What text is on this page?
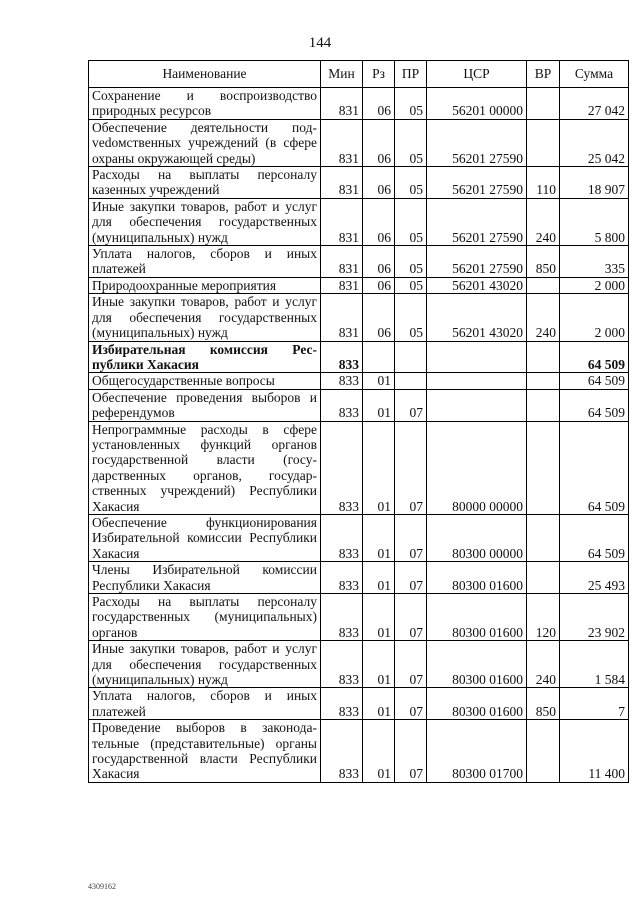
144
Наименование	Мин	Рз	ПР	ЦСР	ВР	Сумма
Сохранение и воспроизводство природных ресурсов	831	06	05	56201 00000		27 042
Обеспечение деятельности подvedомственных учреждений (в сфере охраны окружающей среды)	831	06	05	56201 27590		25 042
Расходы на выплаты персоналу казенных учреждений	831	06	05	56201 27590	110	18 907
Иные закупки товаров, работ и услуг для обеспечения государственных (муниципальных) нужд	831	06	05	56201 27590	240	5 800
Уплата налогов, сборов и иных платежей	831	06	05	56201 27590	850	335
Природоохранные мероприятия	831	06	05	56201 43020		2 000
Иные закупки товаров, работ и услуг для обеспечения государственных (муниципальных) нужд	831	06	05	56201 43020	240	2 000
Избирательная комиссия Республики Хакасия	833					64 509
Общегосударственные вопросы	833	01				64 509
Обеспечение проведения выборов и референдумов	833	01	07			64 509
Непрограммные расходы в сфере установленных функций органов государственной власти (государственных органов, государственных учреждений) Республики Хакасия	833	01	07	80000 00000		64 509
Обеспечение функционирования Избирательной комиссии Республики Хакасия	833	01	07	80300 00000		64 509
Члены Избирательной комиссии Республики Хакасия	833	01	07	80300 01600		25 493
Расходы на выплаты персоналу государственных (муниципальных) органов	833	01	07	80300 01600	120	23 902
Иные закупки товаров, работ и услуг для обеспечения государственных (муниципальных) нужд	833	01	07	80300 01600	240	1 584
Уплата налогов, сборов и иных платежей	833	01	07	80300 01600	850	7
Проведение выборов в законодательные (представительные) органы государственной власти Республики Хакасия	833	01	07	80300 01700		11 400
4309162
